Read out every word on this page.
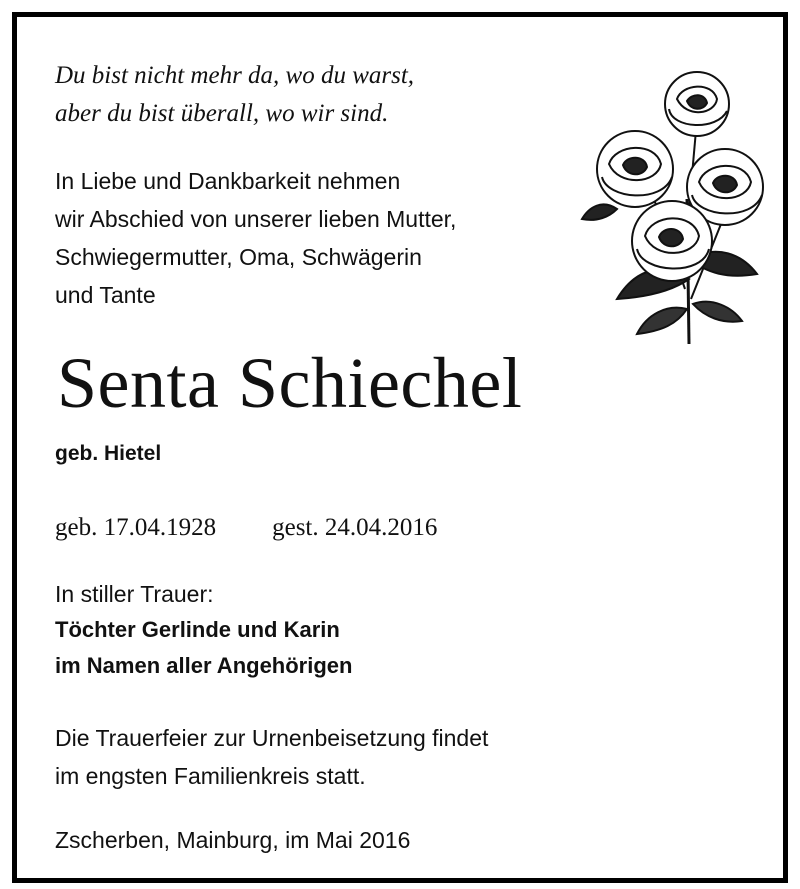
Du bist nicht mehr da, wo du warst,
aber du bist überall, wo wir sind.
In Liebe und Dankbarkeit nehmen
wir Abschied von unserer lieben Mutter,
Schwiegermutter, Oma, Schwägerin
und Tante
Senta Schiechel
geb. Hietel
geb. 17.04.1928 gest. 24.04.2016
In stiller Trauer:
Töchter Gerlinde und Karin
im Namen aller Angehörigen
Die Trauerfeier zur Urnenbeisetzung findet
im engsten Familienkreis statt.
Zscherben, Mainburg, im Mai 2016
